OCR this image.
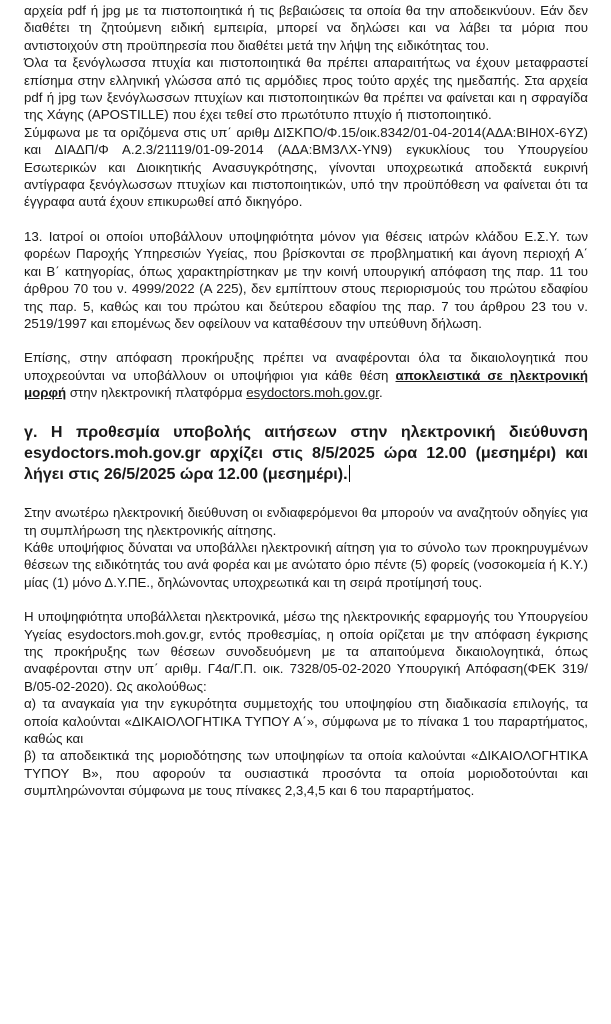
αρχεία pdf ή jpg με τα πιστοποιητικά ή τις βεβαιώσεις τα οποία θα την αποδεικνύουν. Εάν δεν διαθέτει τη ζητούμενη ειδική εμπειρία, μπορεί να δηλώσει και να λάβει τα μόρια που αντιστοιχούν στη προϋπηρεσία που διαθέτει μετά την λήψη της ειδικότητας του.

Όλα τα ξενόγλωσσα πτυχία και πιστοποιητικά θα πρέπει απαραιτήτως να έχουν μεταφραστεί επίσημα στην ελληνική γλώσσα από τις αρμόδιες προς τούτο αρχές της ημεδαπής. Στα αρχεία pdf ή jpg των ξενόγλωσσων πτυχίων και πιστοποιητικών θα πρέπει να φαίνεται και η σφραγίδα της Χάγης (APOSTILLE) που έχει τεθεί στο πρωτότυπο πτυχίο ή πιστοποιητικό.

Σύμφωνα με τα οριζόμενα στις υπ΄ αριθμ ΔΙΣΚΠΟ/Φ.15/οικ.8342/01-04-2014(ΑΔΑ:ΒΙΗ0Χ-6ΥΖ) και ΔΙΑΔΠ/Φ Α.2.3/21119/01-09-2014 (ΑΔΑ:ΒΜ3ΛΧ-ΥΝ9) εγκυκλίους του Υπουργείου Εσωτερικών και Διοικητικής Ανασυγκρότησης, γίνονται υποχρεωτικά αποδεκτά ευκρινή αντίγραφα ξενόγλωσσων πτυχίων και πιστοποιητικών, υπό την προϋπόθεση να φαίνεται ότι τα έγγραφα αυτά έχουν επικυρωθεί από δικηγόρο.

13. Ιατροί οι οποίοι υποβάλλουν υποψηφιότητα μόνον για θέσεις ιατρών κλάδου Ε.Σ.Υ. των φορέων Παροχής Υπηρεσιών Υγείας, που βρίσκονται σε προβληματική και άγονη περιοχή Α΄ και Β΄ κατηγορίας, όπως χαρακτηρίστηκαν με την κοινή υπουργική απόφαση της παρ. 11 του άρθρου 70 του ν. 4999/2022 (Α 225), δεν εμπίπτουν στους περιορισμούς του πρώτου εδαφίου της παρ. 5, καθώς και του πρώτου και δεύτερου εδαφίου της παρ. 7 του άρθρου 23 του ν. 2519/1997 και επομένως δεν οφείλουν να καταθέσουν την υπεύθυνη δήλωση.

Επίσης, στην απόφαση προκήρυξης πρέπει να αναφέρονται όλα τα δικαιολογητικά που υποχρεούνται να υποβάλλουν οι υποψήφιοι για κάθε θέση αποκλειστικά σε ηλεκτρονική μορφή στην ηλεκτρονική πλατφόρμα esydoctors.moh.gov.gr.

γ. Η προθεσμία υποβολής αιτήσεων στην ηλεκτρονική διεύθυνση esydoctors.moh.gov.gr αρχίζει στις 8/5/2025 ώρα 12.00 (μεσημέρι) και λήγει στις 26/5/2025 ώρα 12.00 (μεσημέρι).

Στην ανωτέρω ηλεκτρονική διεύθυνση οι ενδιαφερόμενοι θα μπορούν να αναζητούν οδηγίες για τη συμπλήρωση της ηλεκτρονικής αίτησης.

Κάθε υποψήφιος δύναται να υποβάλλει ηλεκτρονική αίτηση για το σύνολο των προκηρυγμένων θέσεων της ειδικότητάς του ανά φορέα και με ανώτατο όριο πέντε (5) φορείς (νοσοκομεία ή Κ.Υ.) μίας (1) μόνο Δ.Υ.ΠΕ., δηλώνοντας υποχρεωτικά και τη σειρά προτίμησή τους.

Η υποψηφιότητα υποβάλλεται ηλεκτρονικά, μέσω της ηλεκτρονικής εφαρμογής του Υπουργείου Υγείας esydoctors.moh.gov.gr, εντός προθεσμίας, η οποία ορίζεται με την απόφαση έγκρισης της προκήρυξης των θέσεων συνοδευόμενη με τα απαιτούμενα δικαιολογητικά, όπως αναφέρονται στην υπ΄ αριθμ. Γ4α/Γ.Π. οικ. 7328/05-02-2020 Υπουργική Απόφαση(ΦΕΚ 319/Β/05-02-2020). Ως ακολούθως:

α) τα αναγκαία για την εγκυρότητα συμμετοχής του υποψηφίου στη διαδικασία επιλογής, τα οποία καλούνται «ΔΙΚΑΙΟΛΟΓΗΤΙΚΑ ΤΥΠΟΥ Α΄», σύμφωνα με το πίνακα 1 του παραρτήματος, καθώς και

β) τα αποδεικτικά της μοριοδότησης των υποψηφίων τα οποία καλούνται «ΔΙΚΑΙΟΛΟΓΗΤΙΚΑ ΤΥΠΟΥ Β», που αφορούν τα ουσιαστικά προσόντα τα οποία μοριοδοτούνται και συμπληρώνονται σύμφωνα με τους πίνακες 2,3,4,5 και 6 του παραρτήματος.
